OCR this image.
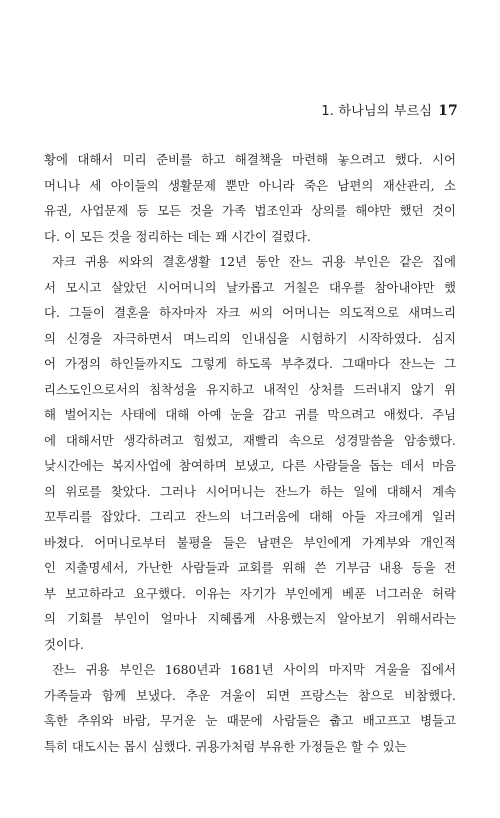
1. 하나님의 부르심 17
황에 대해서 미리 준비를 하고 해결책을 마련해 놓으려고 했다. 시어
머니나 세 아이들의 생활문제 뿐만 아니라 죽은 남편의 재산관리, 소
유권, 사업문제 등 모든 것을 가족 법조인과 상의를 해야만 했던 것이
다. 이 모든 것을 정리하는 데는 꽤 시간이 걸렸다.
자크 귀용 씨와의 결혼생활 12년 동안 잔느 귀용 부인은 같은 집에
서 모시고 살았던 시어머니의 날카롭고 거칠은 대우를 참아내야만 했
다. 그들이 결혼을 하자마자 자크 씨의 어머니는 의도적으로 새며느리
의 신경을 자극하면서 며느리의 인내심을 시험하기 시작하였다. 심지
어 가정의 하인들까지도 그렇게 하도록 부추겼다. 그때마다 잔느는 그
리스도인으로서의 침착성을 유지하고 내적인 상처를 드러내지 않기 위
해 벌어지는 사태에 대해 아예 눈을 감고 귀를 막으려고 애썼다. 주님
에 대해서만 생각하려고 힘썼고, 재빨리 속으로 성경말씀을 암송했다.
낮시간에는 복지사업에 참여하며 보냈고, 다른 사람들을 돕는 데서 마음
의 위로를 찾았다. 그러나 시어머니는 잔느가 하는 일에 대해서 계속
꼬투리를 잡았다. 그리고 잔느의 너그러움에 대해 아들 자크에게 일러
바쳤다. 어머니로부터 불평을 들은 남편은 부인에게 가계부와 개인적
인 지출명세서, 가난한 사람들과 교회를 위해 쓴 기부금 내용 등을 전
부 보고하라고 요구했다. 이유는 자기가 부인에게 베푼 너그러운 허락
의 기회를 부인이 얼마나 지혜롭게 사용했는지 알아보기 위해서라는
것이다.
잔느 귀용 부인은 1680년과 1681년 사이의 마지막 겨울을 집에서
가족들과 함께 보냈다. 추운 겨울이 되면 프랑스는 참으로 비참했다.
혹한 추위와 바람, 무거운 눈 때문에 사람들은 춥고 배고프고 병들고
특히 대도시는 몹시 심했다. 귀용가처럼 부유한 가정들은 할 수 있는
